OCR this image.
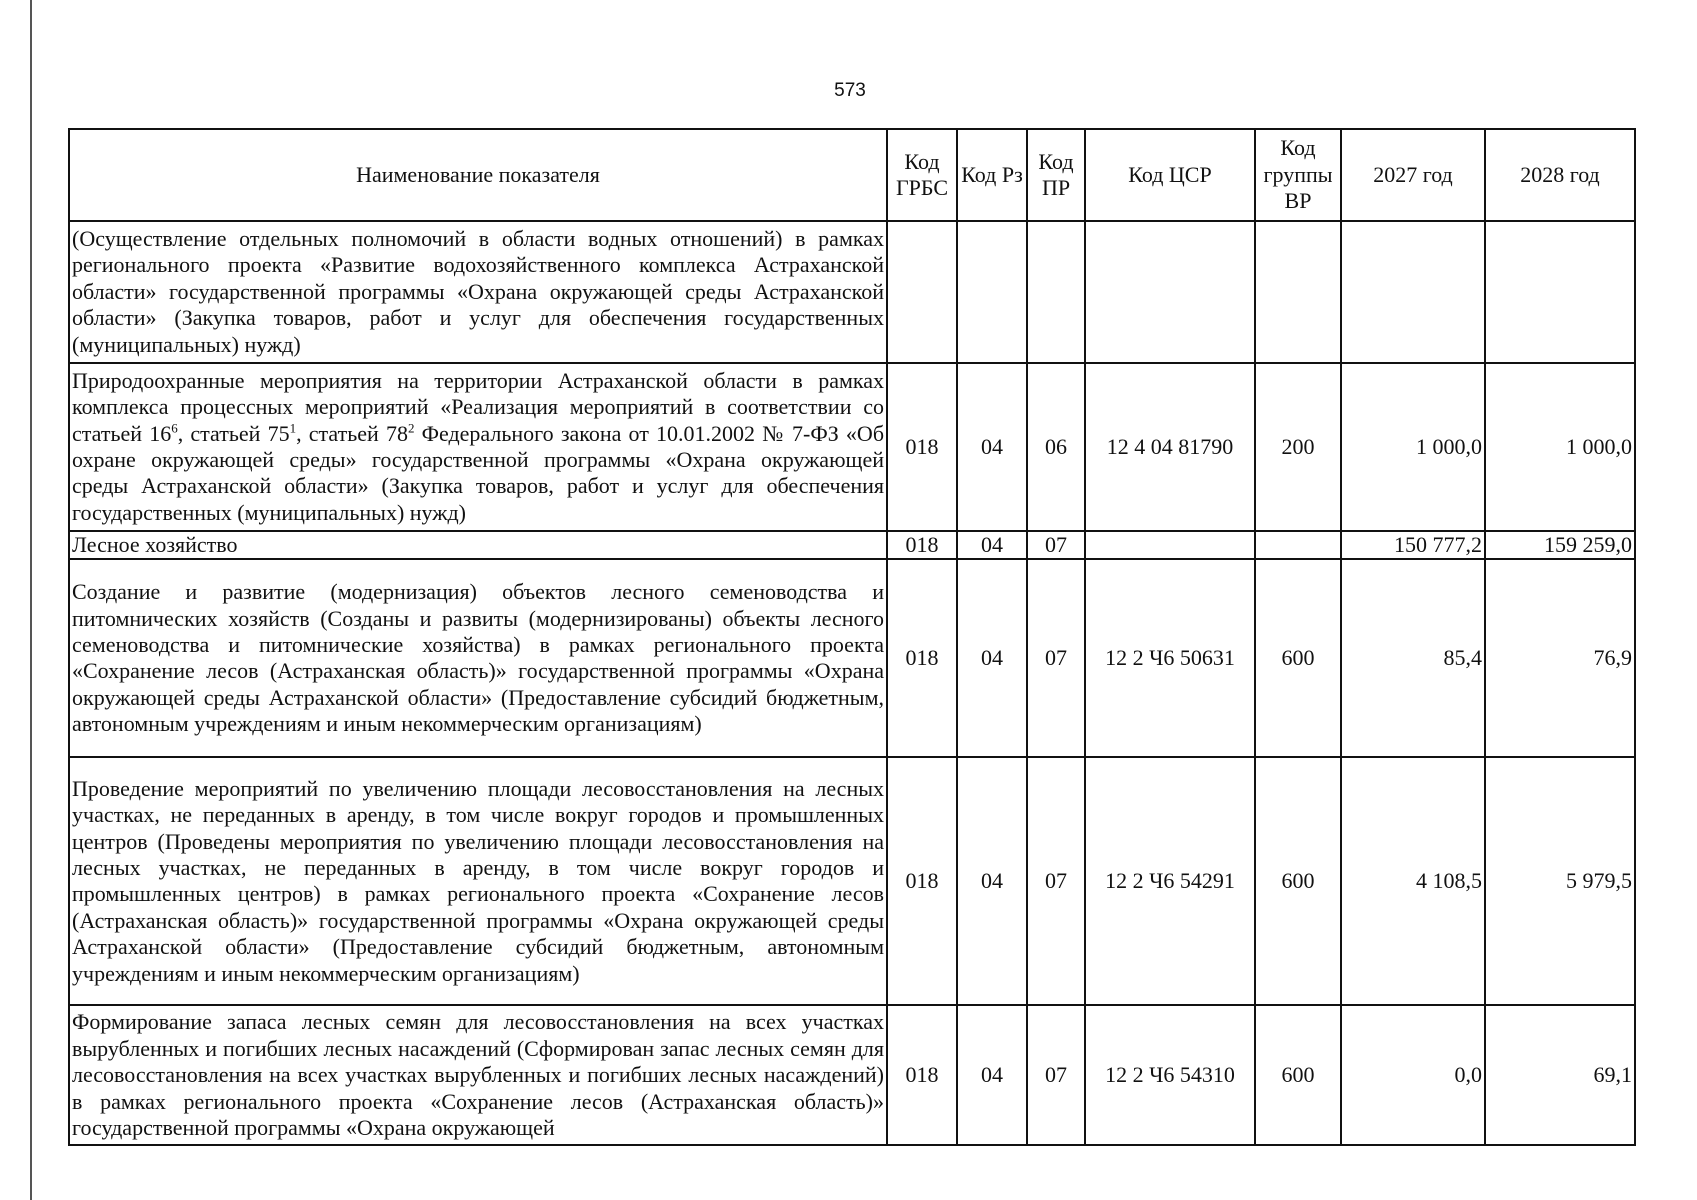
573
Наименование показателя	Код ГРБС	Код Рз	Код ПР	Код ЦСР	Код группы ВР	2027 год	2028 год
(Осуществление отдельных полномочий в области водных отношений) в рамках регионального проекта «Развитие водохозяйственного комплекса Астраханской области» государственной программы «Охрана окружающей среды Астраханской области» (Закупка товаров, работ и услуг для обеспечения государственных (муниципальных) нужд)							
Природоохранные мероприятия на территории Астраханской области в рамках комплекса процессных мероприятий «Реализация мероприятий в соответствии со статьей $16^6$, статьей $75^1$, статьей $78^2$ Федерального закона от 10.01.2002 № 7-ФЗ «Об охране окружающей среды» государственной программы «Охрана окружающей среды Астраханской области» (Закупка товаров, работ и услуг для обеспечения государственных (муниципальных) нужд)	018	04	06	12 4 04 81790	200	1 000,0	1 000,0
Лесное хозяйство	018	04	07			150 777,2	159 259,0
Создание и развитие (модернизация) объектов лесного семеноводства и питомнических хозяйств (Созданы и развиты (модернизированы) объекты лесного семеноводства и питомнические хозяйства) в рамках регионального проекта «Сохранение лесов (Астраханская область)» государственной программы «Охрана окружающей среды Астраханской области» (Предоставление субсидий бюджетным, автономным учреждениям и иным некоммерческим организациям)	018	04	07	12 2 Ч6 50631	600	85,4	76,9
Проведение мероприятий по увеличению площади лесовосстановления на лесных участках, не переданных в аренду, в том числе вокруг городов и промышленных центров (Проведены мероприятия по увеличению площади лесовосстановления на лесных участках, не переданных в аренду, в том числе вокруг городов и промышленных центров) в рамках регионального проекта «Сохранение лесов (Астраханская область)» государственной программы «Охрана окружающей среды Астраханской области» (Предоставление субсидий бюджетным, автономным учреждениям и иным некоммерческим организациям)	018	04	07	12 2 Ч6 54291	600	4 108,5	5 979,5
Формирование запаса лесных семян для лесовосстановления на всех участках вырубленных и погибших лесных насаждений (Сформирован запас лесных семян для лесовосстановления на всех участках вырубленных и погибших лесных насаждений) в рамках регионального проекта «Сохранение лесов (Астраханская область)» государственной программы «Охрана окружающей	018	04	07	12 2 Ч6 54310	600	0,0	69,1
